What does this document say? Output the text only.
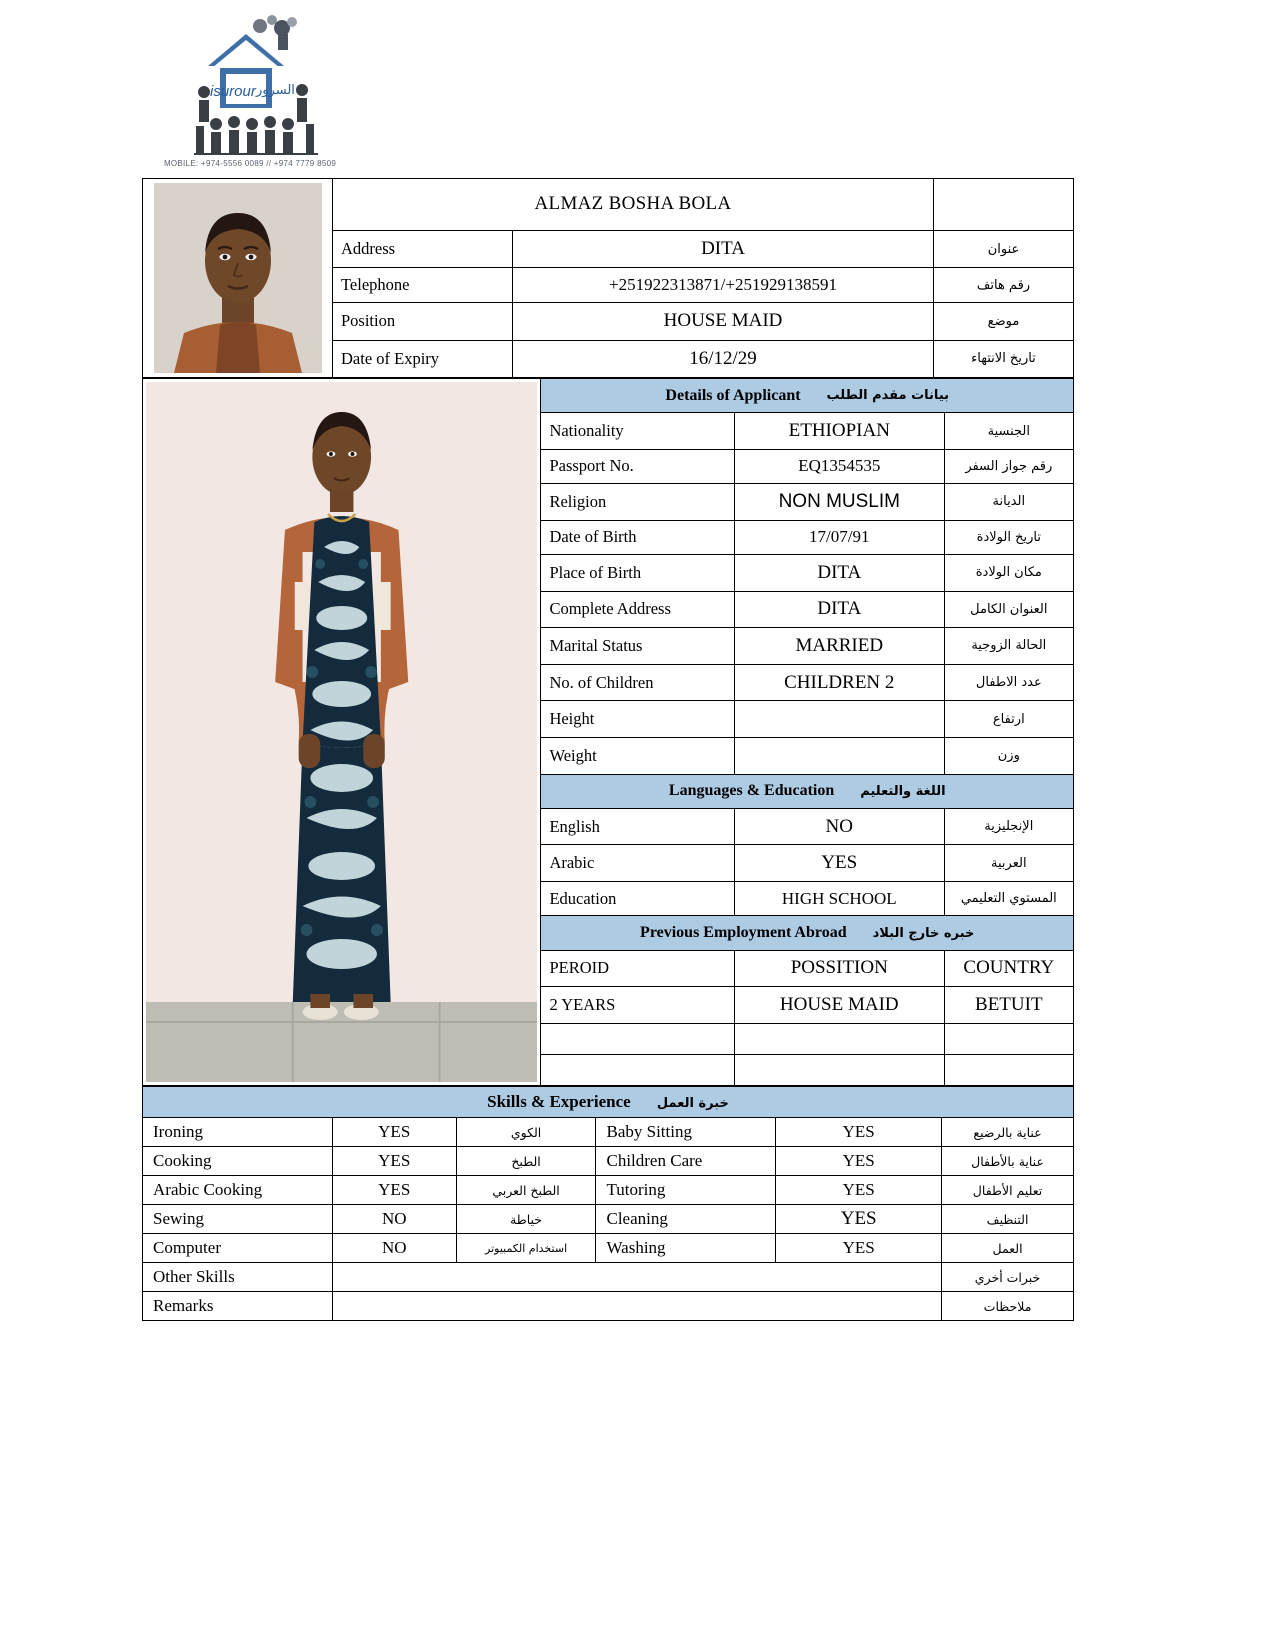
isurour السرور
MOBILE: +974-5556 0089 // +974 7779 8509
	ALMAZ BOSHA BOLA		
	Address	DITA	عنوان
	Telephone	+251922313871/+251929138591	رقم هاتف
	Position	HOUSE MAID	موضع
	Date of Expiry	16/12/29	تاريخ الانتهاء
	Details of Applicant بيانات مقدم الطلب		
	Nationality	ETHIOPIAN	الجنسية
	Passport No.	EQ1354535	رقم جواز السفر
	Religion	NON MUSLIM	الديانة
	Date of Birth	17/07/91	تاريخ الولادة
	Place of Birth	DITA	مكان الولادة
	Complete Address	DITA	العنوان الكامل
	Marital Status	MARRIED	الحالة الزوجية
	No. of Children	CHILDREN 2	عدد الاطفال
	Height		ارتفاع
	Weight		وزن
	Languages & Education اللغة والتعليم		
	English	NO	الإنجليزية
	Arabic	YES	العربية
	Education	HIGH SCHOOL	المستوي التعليمي
	Previous Employment Abroad خبره خارج البلاد		
	PEROID	POSSITION	COUNTRY
	2 YEARS	HOUSE MAID	BETUIT

Skills & Experience خبرة العمل					
Ironing	YES	الكوي	Baby Sitting	YES	عناية بالرضيع
Cooking	YES	الطبخ	Children Care	YES	عناية بالأطفال
Arabic Cooking	YES	الطبخ العربي	Tutoring	YES	تعليم الأطفال
Sewing	NO	خياطة	Cleaning	YES	التنظيف
Computer	NO	استخدام الكمبيوتر	Washing	YES	العمل
Other Skills					خبرات أخري
Remarks					ملاحظات
